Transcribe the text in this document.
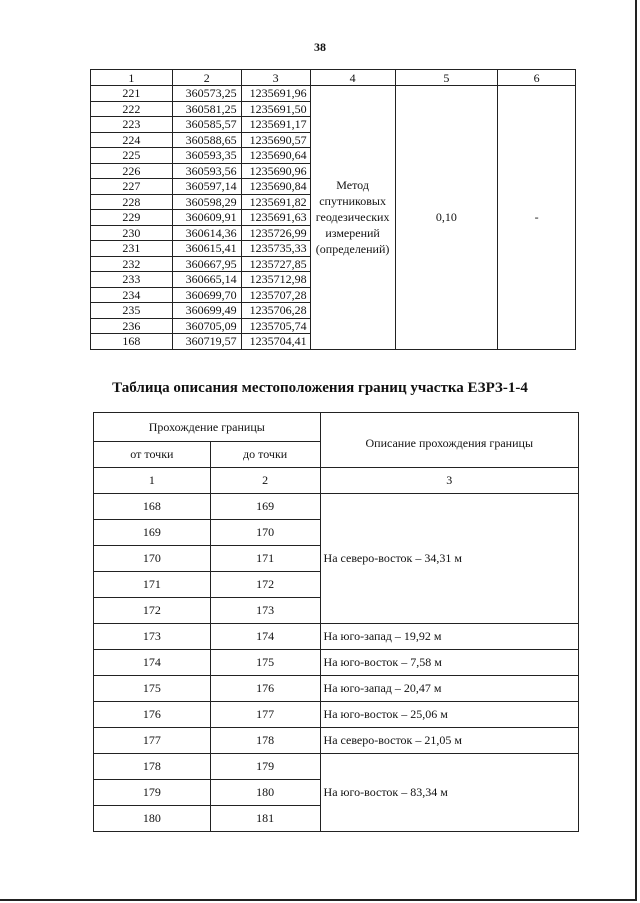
38
1	2	3	4	5	6
221	360573,25	1235691,96	Метод
спутниковых
геодезических
измерений
(определений)	0,10	-
222	360581,25	1235691,50			
223	360585,57	1235691,17			
224	360588,65	1235690,57			
225	360593,35	1235690,64			
226	360593,56	1235690,96			
227	360597,14	1235690,84			
228	360598,29	1235691,82			
229	360609,91	1235691,63			
230	360614,36	1235726,99			
231	360615,41	1235735,33			
232	360667,95	1235727,85			
233	360665,14	1235712,98			
234	360699,70	1235707,28			
235	360699,49	1235706,28			
236	360705,09	1235705,74			
168	360719,57	1235704,41			
Таблица описания местоположения границ участка ЕЗРЗ-1-4
Прохождение границы		Описание прохождения границы
от точки	до точки	
1	2	3
168	169	На северо-восток – 34,31 м
169	170	
170	171	
171	172	
172	173	
173	174	На юго-запад – 19,92 м
174	175	На юго-восток – 7,58 м
175	176	На юго-запад – 20,47 м
176	177	На юго-восток – 25,06 м
177	178	На северо-восток – 21,05 м
178	179	На юго-восток – 83,34 м
179	180	
180	181	
